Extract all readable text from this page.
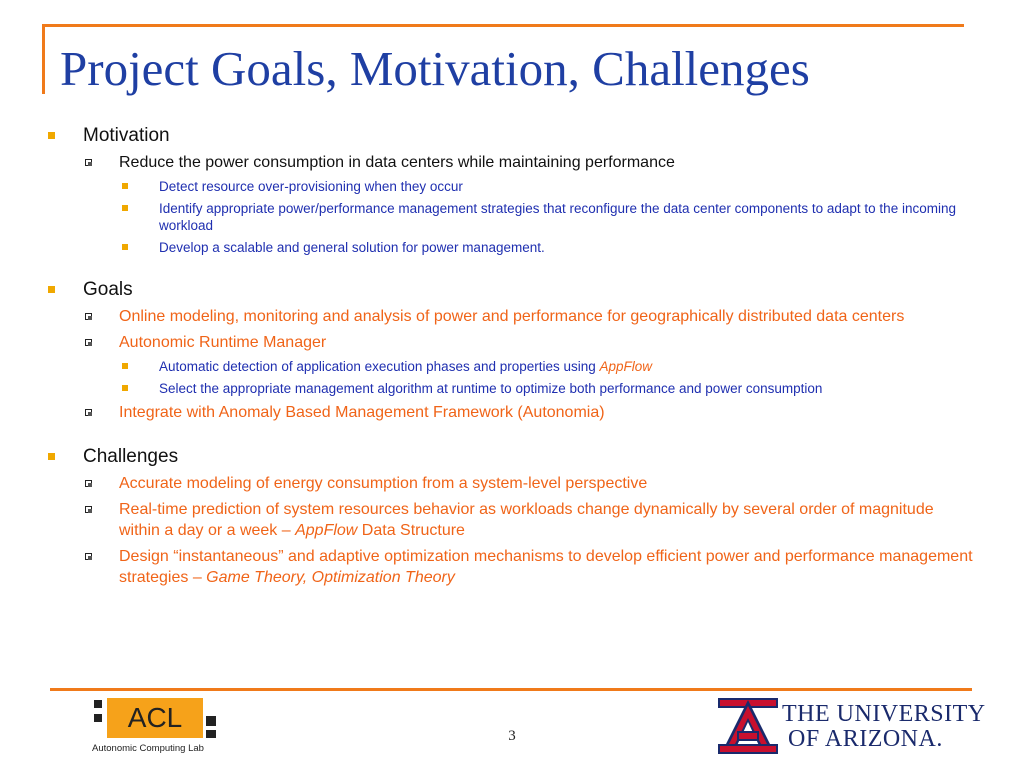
Project Goals, Motivation, Challenges
Motivation
Reduce the power consumption in data centers while maintaining performance
Detect resource over-provisioning when they occur
Identify appropriate power/performance management strategies that reconfigure the data center components to adapt to the incoming workload
Develop a scalable and general solution for power management.
Goals
Online modeling, monitoring and analysis of power and performance for geographically distributed data centers
Autonomic Runtime Manager
Automatic detection of application execution phases and properties using AppFlow
Select the appropriate management algorithm at runtime to optimize both performance and power consumption
Integrate with Anomaly Based Management Framework (Autonomia)
Challenges
Accurate modeling of energy consumption from a system-level perspective
Real-time prediction of system resources behavior as workloads change dynamically by several order of magnitude within a day or a week – AppFlow Data Structure
Design “instantaneous” and adaptive optimization mechanisms to develop efficient power and performance management strategies – Game Theory, Optimization Theory
ACL
Autonomic Computing Lab
3
THE UNIVERSITY
OF ARIZONA.
